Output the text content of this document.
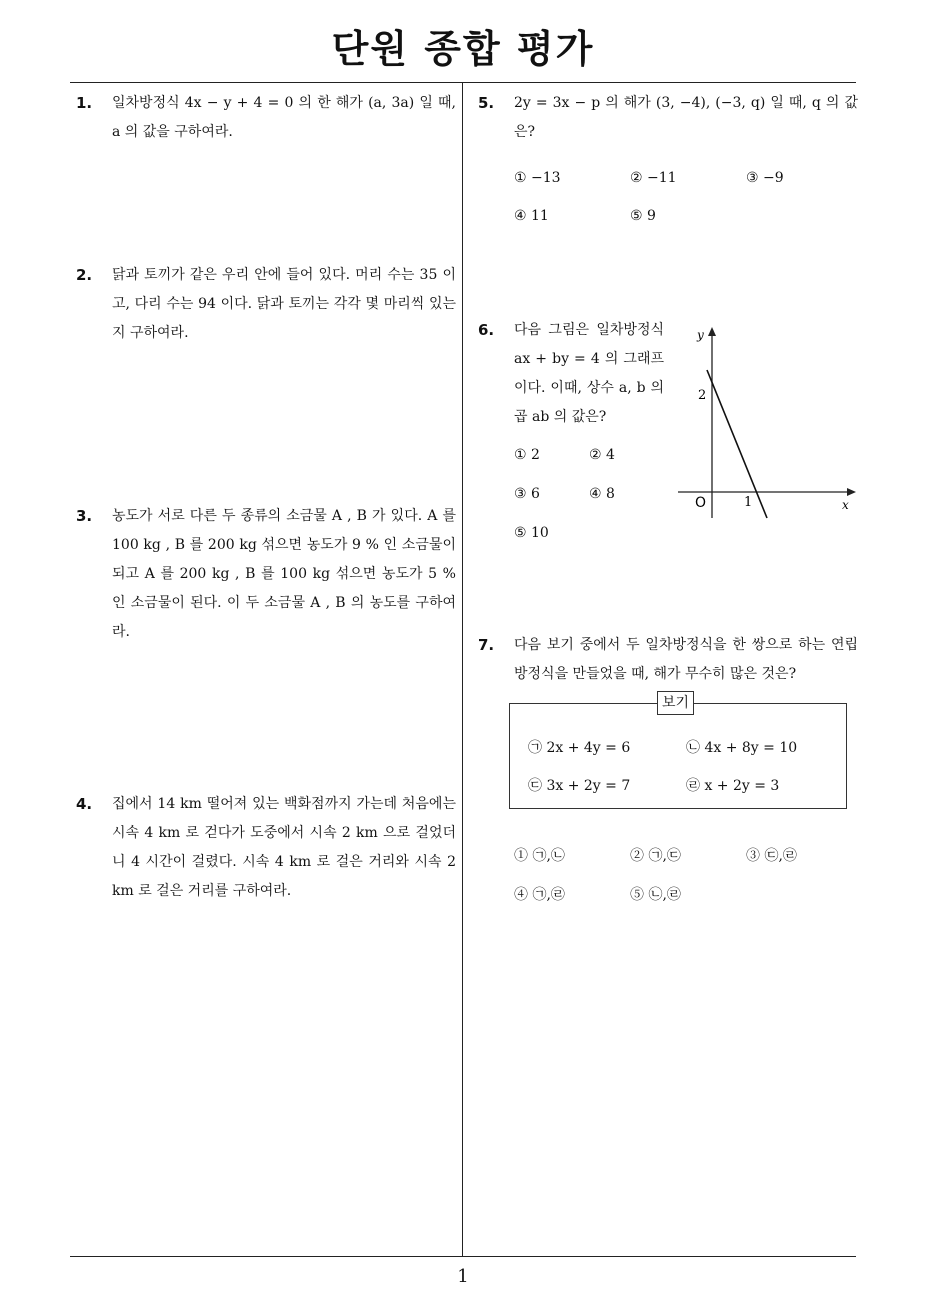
단원 종합 평가
1
1. 일차방정식 4x − y + 4 = 0 의 한 해가 (a, 3a) 일 때, a 의 값을 구하여라.
2. 닭과 토끼가 같은 우리 안에 들어 있다. 머리 수는 35 이고, 다리 수는 94 이다. 닭과 토끼는 각각 몇 마리씩 있는지 구하여라.
3. 농도가 서로 다른 두 종류의 소금물 A , B 가 있다. A 를 100 kg , B 를 200 kg 섞으면 농도가 9 % 인 소금물이 되고 A 를 200 kg , B 를 100 kg 섞으면 농도가 5 % 인 소금물이 된다. 이 두 소금물 A , B 의 농도를 구하여라.
4. 집에서 14 km 떨어져 있는 백화점까지 가는데 처음에는 시속 4 km 로 걷다가 도중에서 시속 2 km 으로 걸었더니 4 시간이 걸렸다. 시속 4 km 로 걸은 거리와 시속 2 km 로 걸은 거리를 구하여라.
5. 2y = 3x − p 의 해가 (3, −4), (−3, q) 일 때, q 의 값은?
① −13	② −11	③ −9
④ 11	⑤ 9
6. 다음 그림은 일차방정식 ax + by = 4 의 그래프이다. 이때, 상수 a, b 의 곱 ab 의 값은?
① 2	② 4
③ 6	④ 8
⑤ 10
y
x
O
2
1
7. 다음 보기 중에서 두 일차방정식을 한 쌍으로 하는 연립방정식을 만들었을 때, 해가 무수히 많은 것은?
보기
㉠ 2x + 4y = 6	㉡ 4x + 8y = 10
㉢ 3x + 2y = 7	㉣ x + 2y = 3
① ㉠,㉡	② ㉠,㉢	③ ㉢,㉣
④ ㉠,㉣	⑤ ㉡,㉣
